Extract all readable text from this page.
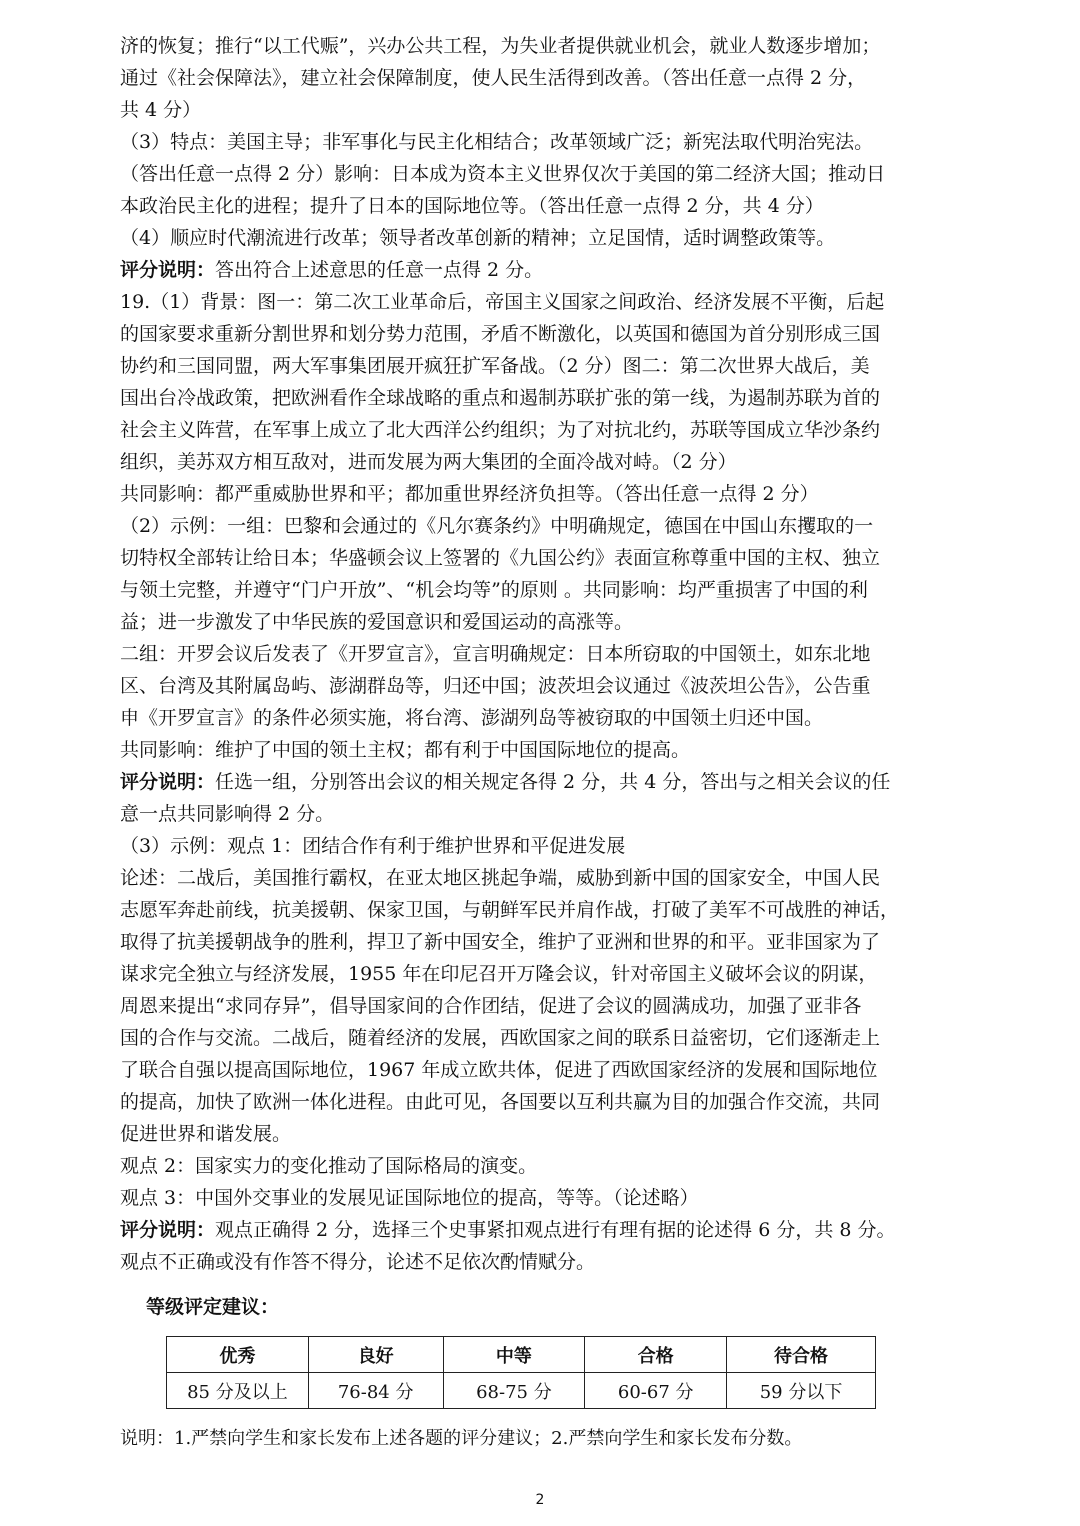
济的恢复；推行“以工代赈”，兴办公共工程，为失业者提供就业机会，就业人数逐步增加；
通过《社会保障法》，建立社会保障制度，使人民生活得到改善。（答出任意一点得 2 分，
共 4 分）
（3）特点：美国主导；非军事化与民主化相结合；改革领域广泛；新宪法取代明治宪法。
（答出任意一点得 2 分）影响：日本成为资本主义世界仅次于美国的第二经济大国；推动日
本政治民主化的进程；提升了日本的国际地位等。（答出任意一点得 2 分，共 4 分）
（4）顺应时代潮流进行改革；领导者改革创新的精神；立足国情，适时调整政策等。
评分说明：答出符合上述意思的任意一点得 2 分。
19.（1）背景：图一：第二次工业革命后，帝国主义国家之间政治、经济发展不平衡，后起
的国家要求重新分割世界和划分势力范围，矛盾不断激化，以英国和德国为首分别形成三国
协约和三国同盟，两大军事集团展开疯狂扩军备战。（2 分）图二：第二次世界大战后，美
国出台冷战政策，把欧洲看作全球战略的重点和遏制苏联扩张的第一线，为遏制苏联为首的
社会主义阵营，在军事上成立了北大西洋公约组织；为了对抗北约，苏联等国成立华沙条约
组织，美苏双方相互敌对，进而发展为两大集团的全面冷战对峙。（2 分）
共同影响：都严重威胁世界和平；都加重世界经济负担等。（答出任意一点得 2 分）
（2）示例：一组：巴黎和会通过的《凡尔赛条约》中明确规定，德国在中国山东攫取的一
切特权全部转让给日本；华盛顿会议上签署的《九国公约》表面宣称尊重中国的主权、独立
与领土完整，并遵守“门户开放”、“机会均等”的原则 。共同影响：均严重损害了中国的利
益；进一步激发了中华民族的爱国意识和爱国运动的高涨等。
二组：开罗会议后发表了《开罗宣言》，宣言明确规定：日本所窃取的中国领土，如东北地
区、台湾及其附属岛屿、澎湖群岛等，归还中国；波茨坦会议通过《波茨坦公告》，公告重
申《开罗宣言》的条件必须实施，将台湾、澎湖列岛等被窃取的中国领土归还中国。
共同影响：维护了中国的领土主权；都有利于中国国际地位的提高。
评分说明：任选一组，分别答出会议的相关规定各得 2 分，共 4 分，答出与之相关会议的任
意一点共同影响得 2 分。
（3）示例：观点 1：团结合作有利于维护世界和平促进发展
论述：二战后，美国推行霸权，在亚太地区挑起争端，威胁到新中国的国家安全，中国人民
志愿军奔赴前线，抗美援朝、保家卫国，与朝鲜军民并肩作战，打破了美军不可战胜的神话，
取得了抗美援朝战争的胜利，捍卫了新中国安全，维护了亚洲和世界的和平。亚非国家为了
谋求完全独立与经济发展，1955 年在印尼召开万隆会议，针对帝国主义破坏会议的阴谋，
周恩来提出“求同存异”，倡导国家间的合作团结，促进了会议的圆满成功，加强了亚非各
国的合作与交流。二战后，随着经济的发展，西欧国家之间的联系日益密切，它们逐渐走上
了联合自强以提高国际地位，1967 年成立欧共体，促进了西欧国家经济的发展和国际地位
的提高，加快了欧洲一体化进程。由此可见，各国要以互利共赢为目的加强合作交流，共同
促进世界和谐发展。
观点 2：国家实力的变化推动了国际格局的演变。
观点 3：中国外交事业的发展见证国际地位的提高，等等。（论述略）
评分说明：观点正确得 2 分，选择三个史事紧扣观点进行有理有据的论述得 6 分，共 8 分。
观点不正确或没有作答不得分，论述不足依次酌情赋分。
等级评定建议：
优秀	良好	中等	合格	待合格
85 分及以上	76-84 分	68-75 分	60-67 分	59 分以下
说明：1.严禁向学生和家长发布上述各题的评分建议；2.严禁向学生和家长发布分数。
2
